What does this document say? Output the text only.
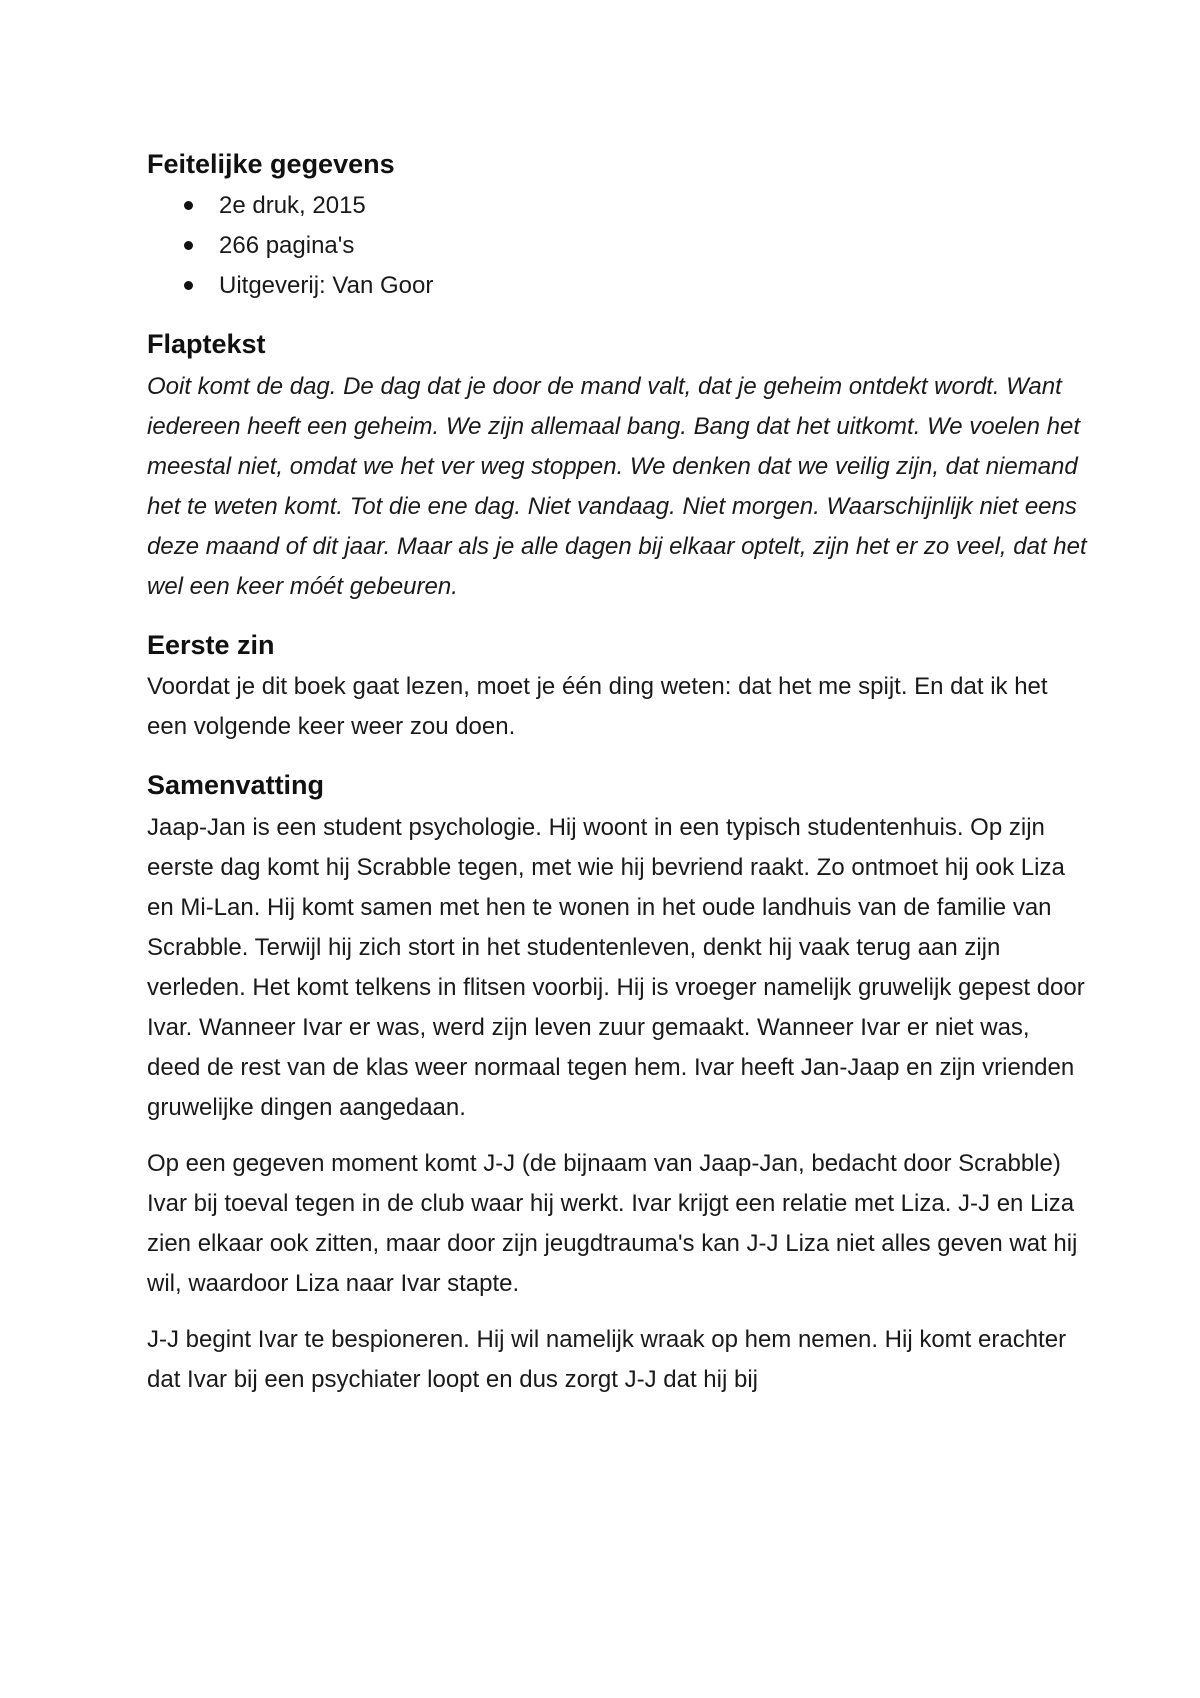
Feitelijke gegevens
2e druk, 2015
266 pagina's
Uitgeverij: Van Goor
Flaptekst

Ooit komt de dag. De dag dat je door de mand valt, dat je geheim ontdekt wordt. Want iedereen heeft een geheim. We zijn allemaal bang. Bang dat het uitkomt. We voelen het meestal niet, omdat we het ver weg stoppen. We denken dat we veilig zijn, dat niemand het te weten komt. Tot die ene dag. Niet vandaag. Niet morgen. Waarschijnlijk niet eens deze maand of dit jaar. Maar als je alle dagen bij elkaar optelt, zijn het er zo veel, dat het wel een keer móét gebeuren.

Eerste zin

Voordat je dit boek gaat lezen, moet je één ding weten: dat het me spijt. En dat ik het een volgende keer weer zou doen.

Samenvatting

Jaap-Jan is een student psychologie. Hij woont in een typisch studentenhuis. Op zijn eerste dag komt hij Scrabble tegen, met wie hij bevriend raakt. Zo ontmoet hij ook Liza en Mi-Lan. Hij komt samen met hen te wonen in het oude landhuis van de familie van Scrabble. Terwijl hij zich stort in het studentenleven, denkt hij vaak terug aan zijn verleden. Het komt telkens in flitsen voorbij. Hij is vroeger namelijk gruwelijk gepest door Ivar. Wanneer Ivar er was, werd zijn leven zuur gemaakt. Wanneer Ivar er niet was, deed de rest van de klas weer normaal tegen hem. Ivar heeft Jan-Jaap en zijn vrienden gruwelijke dingen aangedaan.

Op een gegeven moment komt J-J (de bijnaam van Jaap-Jan, bedacht door Scrabble) Ivar bij toeval tegen in de club waar hij werkt. Ivar krijgt een relatie met Liza. J-J en Liza zien elkaar ook zitten, maar door zijn jeugdtrauma's kan J-J Liza niet alles geven wat hij wil, waardoor Liza naar Ivar stapte.

J-J begint Ivar te bespioneren. Hij wil namelijk wraak op hem nemen. Hij komt erachter dat Ivar bij een psychiater loopt en dus zorgt J-J dat hij bij
